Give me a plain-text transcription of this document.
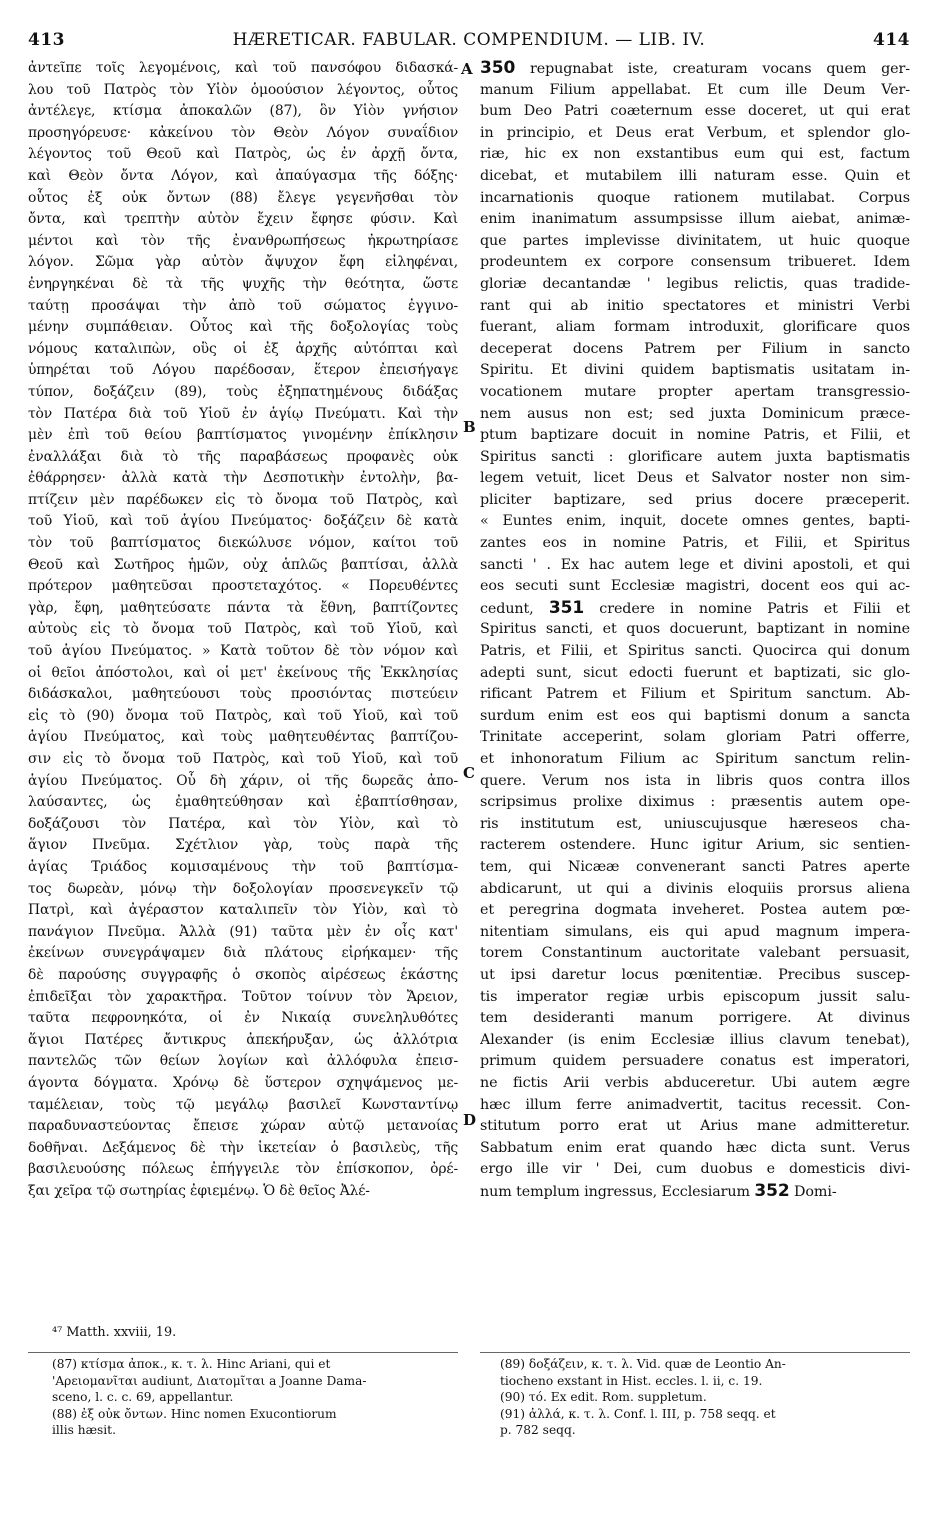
413	HÆRETICAR. FABULAR. COMPENDIUM. — LIB. IV.	414
ἀντεῖπε τοῖς λεγομένοις, καὶ τοῦ πανσόφου διδασκά-
λου τοῦ Πατρὸς τὸν Υἱὸν ὁμοούσιον λέγοντος, οὗτος
ἀντέλεγε, κτίσμα ἀποκαλῶν (87), ὃν Υἱὸν γνήσιον
προσηγόρευσε· κἀκείνου τὸν Θεὸν Λόγον συναΐδιον
λέγοντος τοῦ Θεοῦ καὶ Πατρὸς, ὡς ἐν ἀρχῇ ὄντα,
καὶ Θεὸν ὄντα Λόγον, καὶ ἀπαύγασμα τῆς δόξης·
οὗτος ἐξ οὐκ ὄντων (88) ἔλεγε γεγενῆσθαι τὸν
ὄντα, καὶ τρεπτὴν αὐτὸν ἔχειν ἔφησε φύσιν. Καὶ
μέντοι καὶ τὸν τῆς ἐνανθρωπήσεως ἠκρωτηρίασε
λόγον. Σῶμα γὰρ αὐτὸν ἄψυχον ἔφη εἰληφέναι,
ἐνηργηκέναι δὲ τὰ τῆς ψυχῆς τὴν θεότητα, ὥστε
ταύτῃ προσάψαι τὴν ἀπὸ τοῦ σώματος ἐγγινο-
μένην συμπάθειαν. Οὗτος καὶ τῆς δοξολογίας τοὺς
νόμους καταλιπὼν, οὓς οἱ ἐξ ἀρχῆς αὐτόπται καὶ
ὑπηρέται τοῦ Λόγου παρέδοσαν, ἕτερον ἐπεισήγαγε
τύπον, δοξάζειν (89), τοὺς ἐξηπατημένους διδάξας
τὸν Πατέρα διὰ τοῦ Υἱοῦ ἐν ἁγίῳ Πνεύματι. Καὶ τὴν
μὲν ἐπὶ τοῦ θείου βαπτίσματος γινομένην ἐπίκλησιν
ἐναλλάξαι διὰ τὸ τῆς παραβάσεως προφανὲς οὐκ
ἐθάρρησεν· ἀλλὰ κατὰ τὴν Δεσποτικὴν ἐντολὴν, βα-
πτίζειν μὲν παρέδωκεν εἰς τὸ ὄνομα τοῦ Πατρὸς, καὶ
τοῦ Υἱοῦ, καὶ τοῦ ἁγίου Πνεύματος· δοξάζειν δὲ κατὰ
τὸν τοῦ βαπτίσματος διεκώλυσε νόμον, καίτοι τοῦ
Θεοῦ καὶ Σωτῆρος ἡμῶν, οὐχ ἁπλῶς βαπτίσαι, ἀλλὰ
πρότερον μαθητεῦσαι προστεταχότος. « Πορευθέντες
γὰρ, ἔφη, μαθητεύσατε πάντα τὰ ἔθνη, βαπτίζοντες
αὐτοὺς εἰς τὸ ὄνομα τοῦ Πατρὸς, καὶ τοῦ Υἱοῦ, καὶ
τοῦ ἁγίου Πνεύματος. » Κατὰ τοῦτον δὲ τὸν νόμον καὶ
οἱ θεῖοι ἀπόστολοι, καὶ οἱ μετ' ἐκείνους τῆς Ἐκκλησίας
διδάσκαλοι, μαθητεύουσι τοὺς προσιόντας πιστεύειν
εἰς τὸ (90) ὄνομα τοῦ Πατρὸς, καὶ τοῦ Υἱοῦ, καὶ τοῦ
ἁγίου Πνεύματος, καὶ τοὺς μαθητευθέντας βαπτίζου-
σιν εἰς τὸ ὄνομα τοῦ Πατρὸς, καὶ τοῦ Υἱοῦ, καὶ τοῦ
ἁγίου Πνεύματος. Οὗ δὴ χάριν, οἱ τῆς δωρεᾶς ἀπο-
λαύσαντες, ὡς ἐμαθητεύθησαν καὶ ἐβαπτίσθησαν,
δοξάζουσι τὸν Πατέρα, καὶ τὸν Υἱὸν, καὶ τὸ
ἅγιον Πνεῦμα. Σχέτλιον γὰρ, τοὺς παρὰ τῆς
ἁγίας Τριάδος κομισαμένους τὴν τοῦ βαπτίσμα-
τος δωρεὰν, μόνῳ τὴν δοξολογίαν προσενεγκεῖν τῷ
Πατρὶ, καὶ ἀγέραστον καταλιπεῖν τὸν Υἱὸν, καὶ τὸ
πανάγιον Πνεῦμα. Ἀλλὰ (91) ταῦτα μὲν ἐν οἷς κατ'
ἐκείνων συνεγράψαμεν διὰ πλάτους εἰρήκαμεν· τῆς
δὲ παρούσης συγγραφῆς ὁ σκοπὸς αἱρέσεως ἑκάστης
ἐπιδεῖξαι τὸν χαρακτῆρα. Τοῦτον τοίνυν τὸν Ἄρειον,
ταῦτα πεφρονηκότα, οἱ ἐν Νικαίᾳ συνεληλυθότες
ἅγιοι Πατέρες ἄντικρυς ἀπεκήρυξαν, ὡς ἀλλότρια
παντελῶς τῶν θείων λογίων καὶ ἀλλόφυλα ἐπεισ-
άγοντα δόγματα. Χρόνῳ δὲ ὕστερον σχηψάμενος με-
ταμέλειαν, τοὺς τῷ μεγάλῳ βασιλεῖ Κωνσταντίνῳ
παραδυναστεύοντας ἔπεισε χώραν αὐτῷ μετανοίας
δοθῆναι. Δεξάμενος δὲ τὴν ἱκετείαν ὁ βασιλεὺς, τῆς
βασιλευούσης πόλεως ἐπήγγειλε τὸν ἐπίσκοπον, ὀρέ-
ξαι χεῖρα τῷ σωτηρίας ἐφιεμένῳ. Ὁ δὲ θεῖος Ἀλέ-
350 repugnabat iste, creaturam vocans quem ger-
manum Filium appellabat. Et cum ille Deum Ver-
bum Deo Patri coæternum esse doceret, ut qui erat
in principio, et Deus erat Verbum, et splendor glo-
riæ, hic ex non exstantibus eum qui est, factum
dicebat, et mutabilem illi naturam esse. Quin et
incarnationis quoque rationem mutilabat. Corpus
enim inanimatum assumpsisse illum aiebat, animæ-
que partes implevisse divinitatem, ut huic quoque
prodeuntem ex corpore consensum tribueret. Idem
gloriæ decantandæ ' legibus relictis, quas tradide-
rant qui ab initio spectatores et ministri Verbi
fuerant, aliam formam introduxit, glorificare quos
deceperat docens Patrem per Filium in sancto
Spiritu. Et divini quidem baptismatis usitatam in-
vocationem mutare propter apertam transgressio-
nem ausus non est; sed juxta Dominicum præce-
ptum baptizare docuit in nomine Patris, et Filii, et
Spiritus sancti : glorificare autem juxta baptismatis
legem vetuit, licet Deus et Salvator noster non sim-
pliciter baptizare, sed prius docere præceperit.
« Euntes enim, inquit, docete omnes gentes, bapti-
zantes eos in nomine Patris, et Filii, et Spiritus
sancti ' . Ex hac autem lege et divini apostoli, et qui
eos secuti sunt Ecclesiæ magistri, docent eos qui ac-
cedunt, 351 credere in nomine Patris et Filii et
Spiritus sancti, et quos docuerunt, baptizant in nomine
Patris, et Filii, et Spiritus sancti. Quocirca qui donum
adepti sunt, sicut edocti fuerunt et baptizati, sic glo-
rificant Patrem et Filium et Spiritum sanctum. Ab-
surdum enim est eos qui baptismi donum a sancta
Trinitate acceperint, solam gloriam Patri offerre,
et inhonoratum Filium ac Spiritum sanctum relin-
quere. Verum nos ista in libris quos contra illos
scripsimus prolixe diximus : præsentis autem ope-
ris institutum est, uniuscujusque hæreseos cha-
racterem ostendere. Hunc igitur Arium, sic sentien-
tem, qui Nicææ convenerant sancti Patres aperte
abdicarunt, ut qui a divinis eloquiis prorsus aliena
et peregrina dogmata inveheret. Postea autem pœ-
nitentiam simulans, eis qui apud magnum impera-
torem Constantinum auctoritate valebant persuasit,
ut ipsi daretur locus pœnitentiæ. Precibus suscep-
tis imperator regiæ urbis episcopum jussit salu-
tem desideranti manum porrigere. At divinus
Alexander (is enim Ecclesiæ illius clavum tenebat),
primum quidem persuadere conatus est imperatori,
ne fictis Arii verbis abduceretur. Ubi autem ægre
hæc illum ferre animadvertit, tacitus recessit. Con-
stitutum porro erat ut Arius mane admitteretur.
Sabbatum enim erat quando hæc dicta sunt. Verus
ergo ille vir ' Dei, cum duobus e domesticis divi-
num templum ingressus, Ecclesiarum 352 Domi-
A
B
C
D
⁴⁷ Matth. xxviii, 19.
(87) κτίσμα ἀποκ., κ. τ. λ. Hinc Ariani, qui et
'Αρειομανῖται audiunt, Διατομῖται a Joanne Dama-
sceno, l. c. c. 69, appellantur.
(88) ἐξ οὐκ ὄντων. Hinc nomen Exucontiorum
illis hæsit.
(89) δοξάζειν, κ. τ. λ. Vid. quæ de Leontio An-
tiocheno exstant in Hist. eccles. l. ii, c. 19.
(90) τό. Ex edit. Rom. suppletum.
(91) ἀλλά, κ. τ. λ. Conf. l. III, p. 758 seqq. et
p. 782 seqq.
